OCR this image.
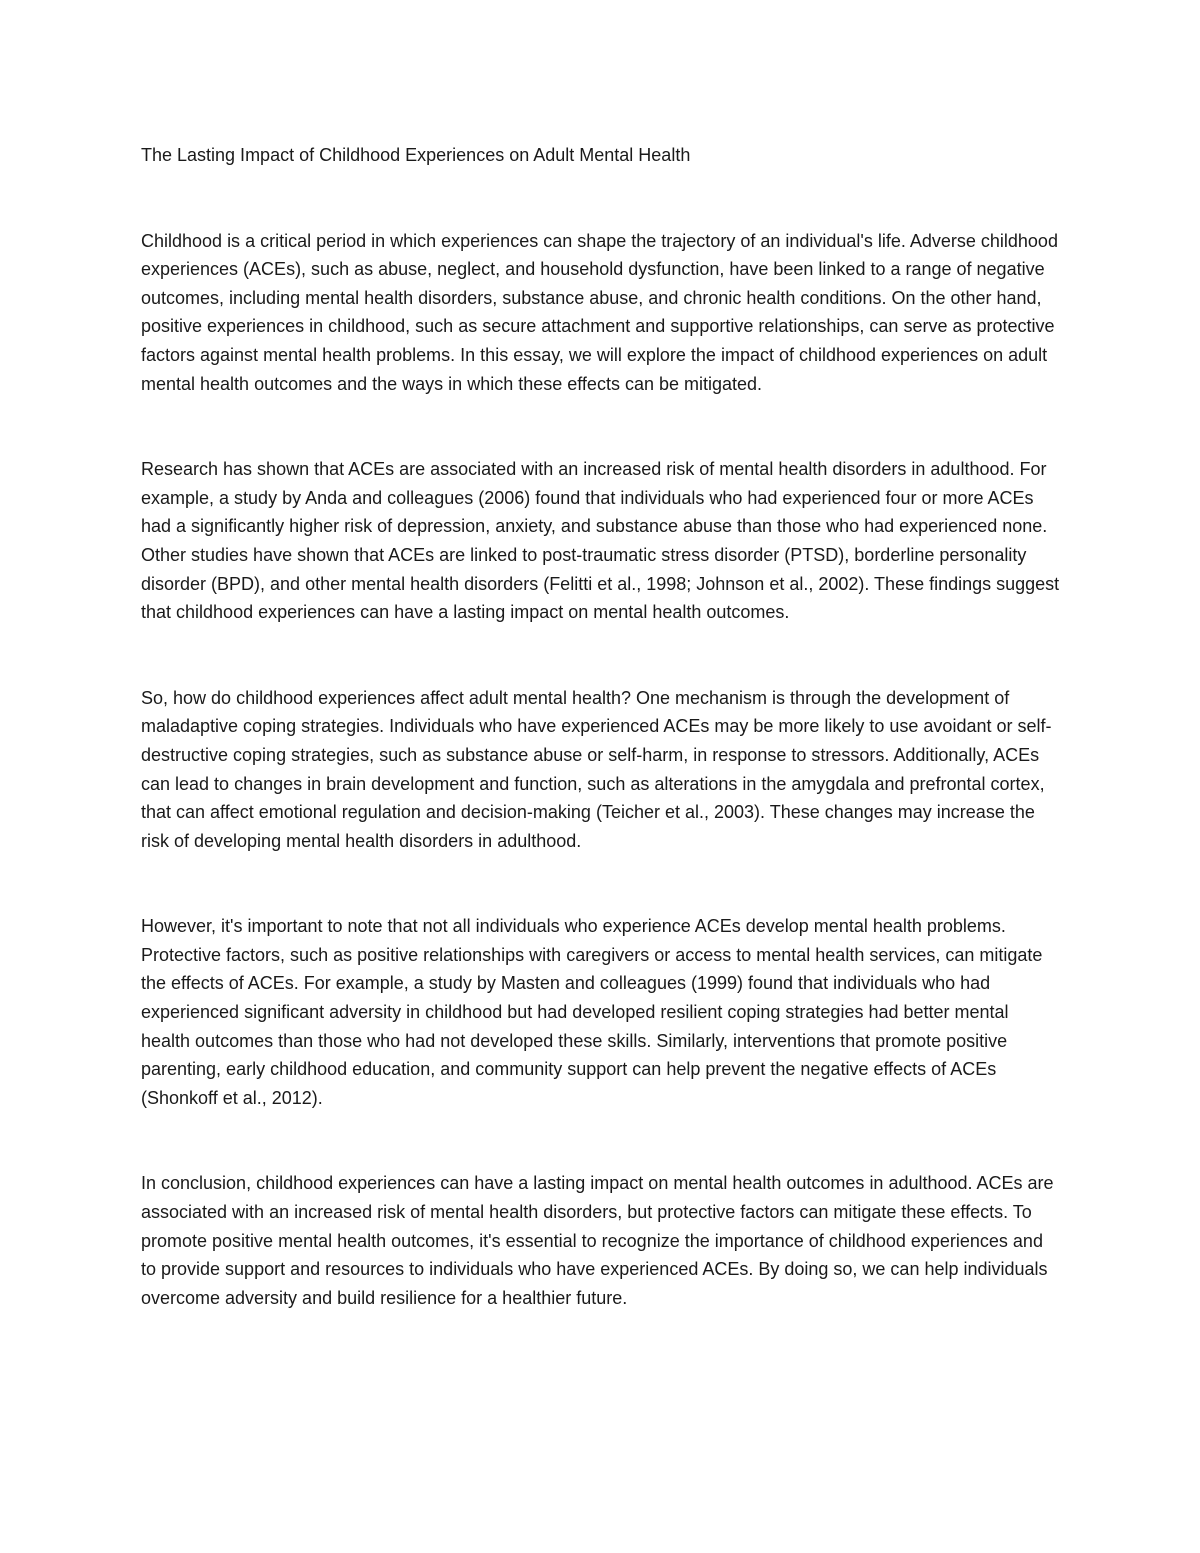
The Lasting Impact of Childhood Experiences on Adult Mental Health

Childhood is a critical period in which experiences can shape the trajectory of an individual's life. Adverse childhood experiences (ACEs), such as abuse, neglect, and household dysfunction, have been linked to a range of negative outcomes, including mental health disorders, substance abuse, and chronic health conditions. On the other hand, positive experiences in childhood, such as secure attachment and supportive relationships, can serve as protective factors against mental health problems. In this essay, we will explore the impact of childhood experiences on adult mental health outcomes and the ways in which these effects can be mitigated.

Research has shown that ACEs are associated with an increased risk of mental health disorders in adulthood. For example, a study by Anda and colleagues (2006) found that individuals who had experienced four or more ACEs had a significantly higher risk of depression, anxiety, and substance abuse than those who had experienced none. Other studies have shown that ACEs are linked to post-traumatic stress disorder (PTSD), borderline personality disorder (BPD), and other mental health disorders (Felitti et al., 1998; Johnson et al., 2002). These findings suggest that childhood experiences can have a lasting impact on mental health outcomes.

So, how do childhood experiences affect adult mental health? One mechanism is through the development of maladaptive coping strategies. Individuals who have experienced ACEs may be more likely to use avoidant or self-destructive coping strategies, such as substance abuse or self-harm, in response to stressors. Additionally, ACEs can lead to changes in brain development and function, such as alterations in the amygdala and prefrontal cortex, that can affect emotional regulation and decision-making (Teicher et al., 2003). These changes may increase the risk of developing mental health disorders in adulthood.

However, it's important to note that not all individuals who experience ACEs develop mental health problems. Protective factors, such as positive relationships with caregivers or access to mental health services, can mitigate the effects of ACEs. For example, a study by Masten and colleagues (1999) found that individuals who had experienced significant adversity in childhood but had developed resilient coping strategies had better mental health outcomes than those who had not developed these skills. Similarly, interventions that promote positive parenting, early childhood education, and community support can help prevent the negative effects of ACEs (Shonkoff et al., 2012).

In conclusion, childhood experiences can have a lasting impact on mental health outcomes in adulthood. ACEs are associated with an increased risk of mental health disorders, but protective factors can mitigate these effects. To promote positive mental health outcomes, it's essential to recognize the importance of childhood experiences and to provide support and resources to individuals who have experienced ACEs. By doing so, we can help individuals overcome adversity and build resilience for a healthier future.
